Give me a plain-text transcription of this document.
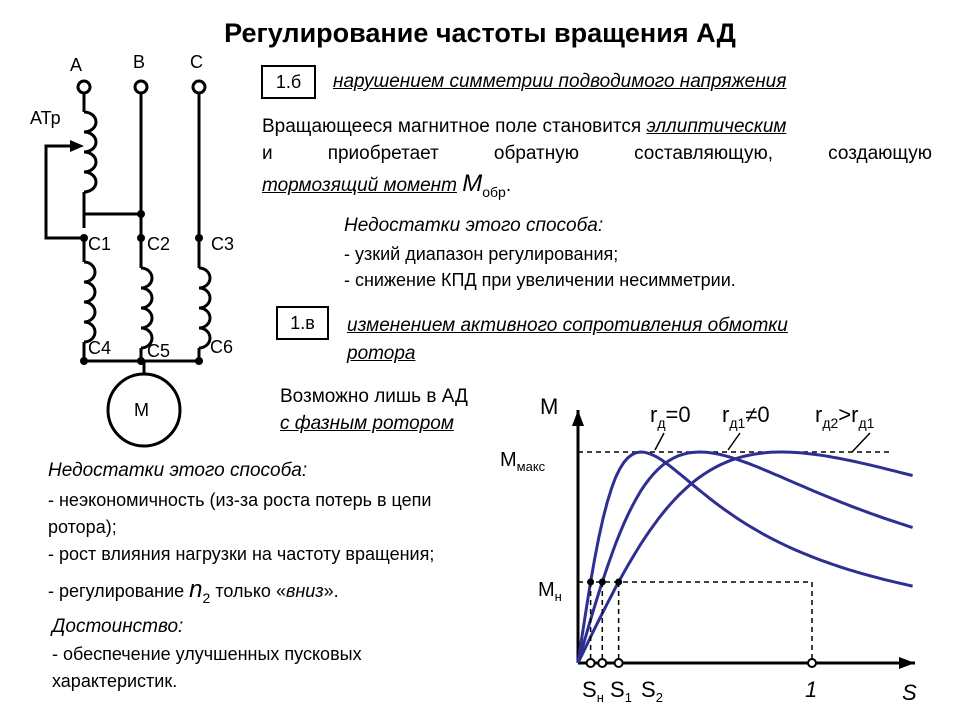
Регулирование частоты вращения АД
А	В С
АТр
С1 С2 С3
С4 С5 С6
М
1.б	нарушением симметрии подводимого напряжения
Вращающееся магнитное поле становится эллиптическим
и приобретает обратную составляющую, создающую
тормозящий момент $М_{обр}$.
Недостатки этого способа:
- узкий диапазон регулирования;
- снижение КПД при увеличении несимметрии.
1.в	изменением активного сопротивления обмотки
ротора
Возможно лишь в АД
с фазным ротором
Недостатки этого способа:
- неэкономичность (из-за роста потерь в цепи
ротора);
- рост влияния нагрузки на частоту вращения;
- регулирование $n_2$ только «вниз».
Достоинство:
- обеспечение улучшенных пусковых
характеристик.
M
S
$M_{макс}$
$M_н$
$S_н$ $S_1$ $S_2$	1
$r_д=0$ $r_{д1}\ne 0$ $r_{д2}>r_{д1}$
